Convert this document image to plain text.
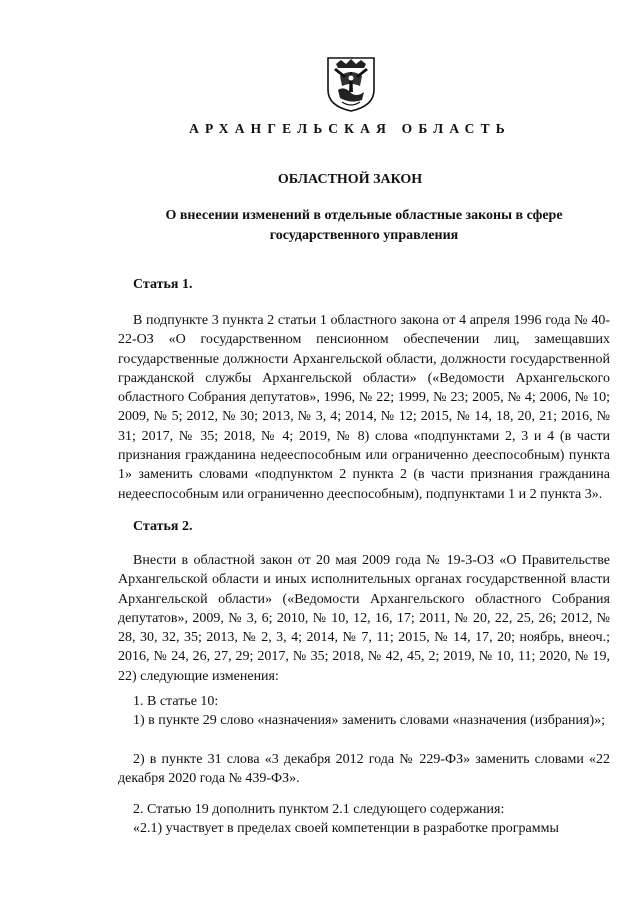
АРХАНГЕЛЬСКАЯ ОБЛАСТЬ
ОБЛАСТНОЙ ЗАКОН
О внесении изменений в отдельные областные законы в сфере государственного управления
Статья 1.

В подпункте 3 пункта 2 статьи 1 областного закона от 4 апреля 1996 года № 40-22-ОЗ «О государственном пенсионном обеспечении лиц, замещавших государственные должности Архангельской области, должности государственной гражданской службы Архангельской области» («Ведомости Архангельского областного Собрания депутатов», 1996, № 22; 1999, № 23; 2005, № 4; 2006, № 10; 2009, № 5; 2012, № 30; 2013, № 3, 4; 2014, № 12; 2015, № 14, 18, 20, 21; 2016, № 31; 2017, № 35; 2018, № 4; 2019, № 8) слова «подпунктами 2, 3 и 4 (в части признания гражданина недееспособным или ограниченно дееспособным) пункта 1» заменить словами «подпунктом 2 пункта 2 (в части признания гражданина недееспособным или ограниченно дееспособным), подпунктами 1 и 2 пункта 3».

Статья 2.

Внести в областной закон от 20 мая 2009 года № 19-3-ОЗ «О Правительстве Архангельской области и иных исполнительных органах государственной власти Архангельской области» («Ведомости Архангельского областного Собрания депутатов», 2009, № 3, 6; 2010, № 10, 12, 16, 17; 2011, № 20, 22, 25, 26; 2012, № 28, 30, 32, 35; 2013, № 2, 3, 4; 2014, № 7, 11; 2015, № 14, 17, 20; ноябрь, внеоч.; 2016, № 24, 26, 27, 29; 2017, № 35; 2018, № 42, 45, 2; 2019, № 10, 11; 2020, № 19, 22) следующие изменения:

1. В статье 10:

1) в пункте 29 слово «назначения» заменить словами «назначения (избрания)»;

2) в пункте 31 слова «3 декабря 2012 года № 229-ФЗ» заменить словами «22 декабря 2020 года № 439-ФЗ».

2. Статью 19 дополнить пунктом 2.1 следующего содержания:

«2.1) участвует в пределах своей компетенции в разработке программы
